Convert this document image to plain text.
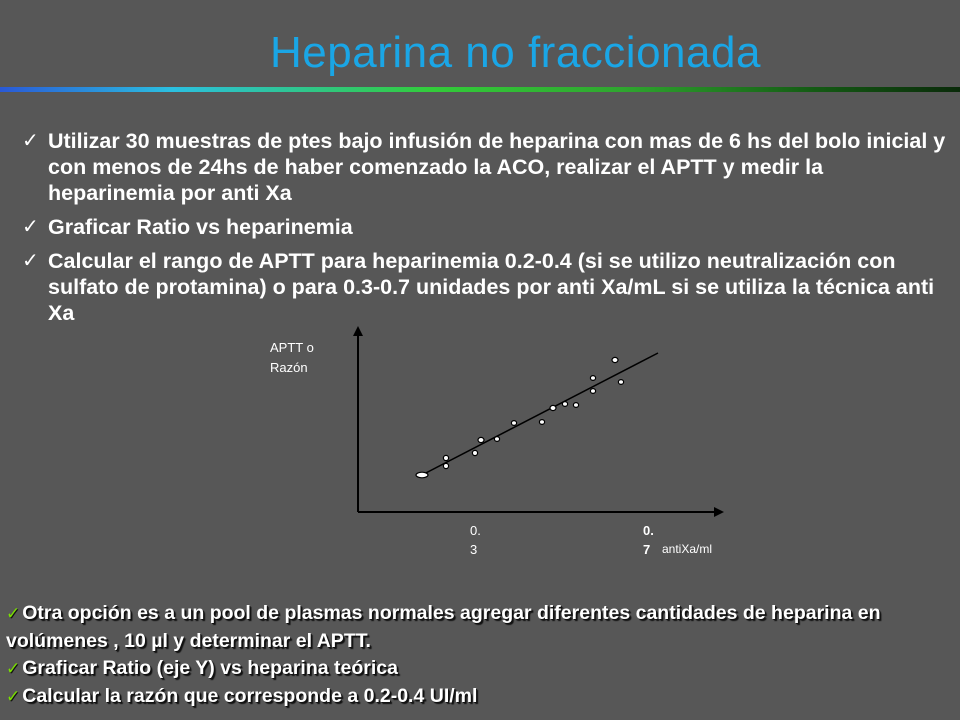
Heparina no fraccionada
✓ Utilizar 30 muestras de ptes bajo infusión de heparina con mas de 6 hs del bolo inicial y con menos de 24hs de haber comenzado la ACO, realizar el APTT y medir la heparinemia por anti Xa
✓ Graficar Ratio vs heparinemia
✓ Calcular el rango de APTT para heparinemia 0.2-0.4 (si se utilizo neutralización con sulfato de protamina) o para 0.3-0.7 unidades por anti Xa/mL si se utiliza la técnica anti Xa
APTT o
Razón
0.
3
0.
7 antiXa/ml
✓ Otra opción es a un pool de plasmas normales agregar diferentes cantidades de heparina en volúmenes , 10 µl y determinar el APTT.
✓ Graficar Ratio (eje Y) vs heparina teórica
✓ Calcular la razón que corresponde a 0.2-0.4 UI/ml
